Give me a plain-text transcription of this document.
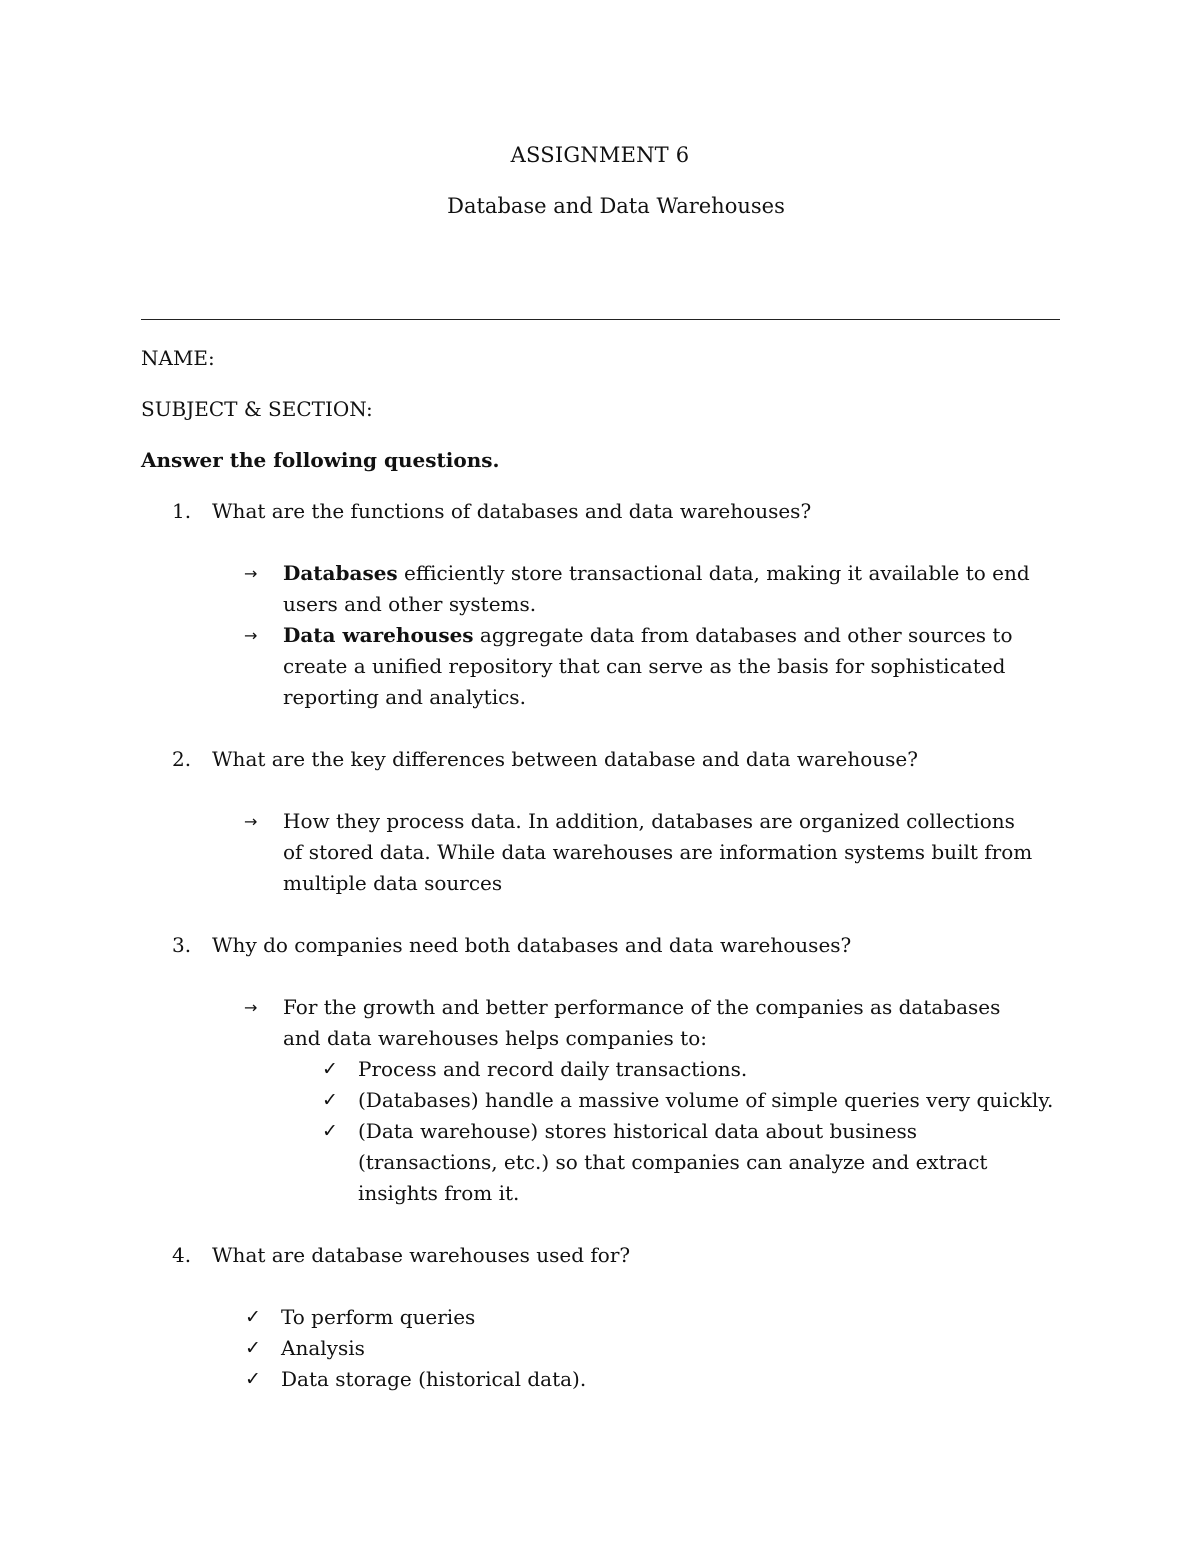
ASSIGNMENT 6
Database and Data Warehouses
NAME:
SUBJECT & SECTION:
Answer the following questions.
1. What are the functions of databases and data warehouses?
→	Databases efficiently store transactional data, making it available to end users and other systems.
→	Data warehouses aggregate data from databases and other sources to create a unified repository that can serve as the basis for sophisticated reporting and analytics.
2. What are the key differences between database and data warehouse?
→	How they process data. In addition, databases are organized collections of stored data. While data warehouses are information systems built from multiple data sources
3. Why do companies need both databases and data warehouses?
→	For the growth and better performance of the companies as databases and data warehouses helps companies to:
✓ Process and record daily transactions.
✓ (Databases) handle a massive volume of simple queries very quickly.
✓ (Data warehouse) stores historical data about business (transactions, etc.) so that companies can analyze and extract insights from it.
4. What are database warehouses used for?
✓ To perform queries
✓ Analysis
✓ Data storage (historical data).
